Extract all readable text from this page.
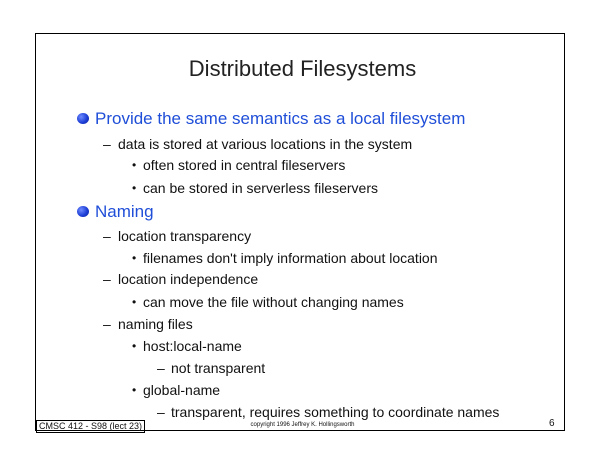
Distributed Filesystems
Provide the same semantics as a local filesystem
– data is stored at various locations in the system
• often stored in central fileservers
• can be stored in serverless fileservers
Naming
– location transparency
• filenames don't imply information about location
– location independence
• can move the file without changing names
– naming files
• host:local-name
– not transparent
• global-name
– transparent, requires something to coordinate names
CMSC 412 - S98 (lect 23)	copyright 1996 Jeffrey K. Hollingsworth	6
